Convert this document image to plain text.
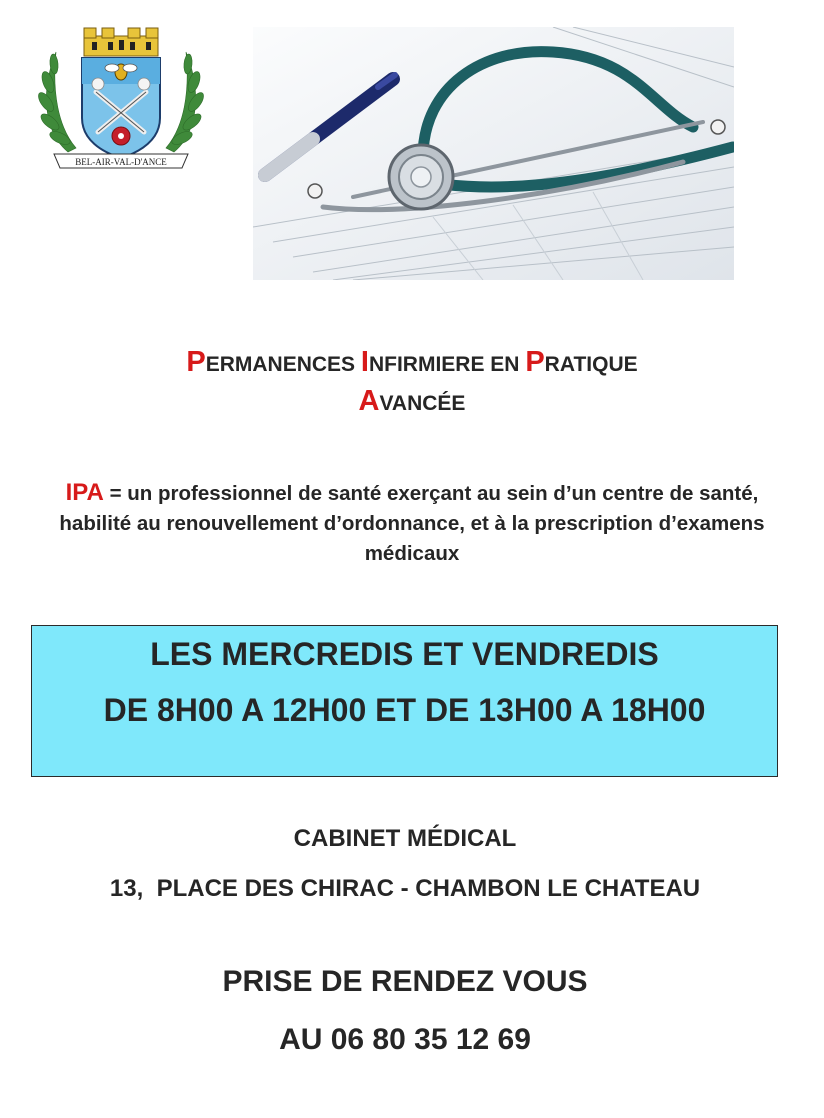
BEL-AIR-VAL-D'ANCE
PERMANENCES INFIRMIERE EN PRATIQUE
AVANCÉE
IPA = un professionnel de santé exerçant au sein d’un centre de santé, habilité au renouvellement d’ordonnance, et à la prescription d’examens médicaux
LES MERCREDIS ET VENDREDIS
DE 8H00 A 12H00 ET DE 13H00 A 18H00
CABINET MÉDICAL
13,  PLACE DES CHIRAC - CHAMBON LE CHATEAU
PRISE DE RENDEZ VOUS
AU 06 80 35 12 69
